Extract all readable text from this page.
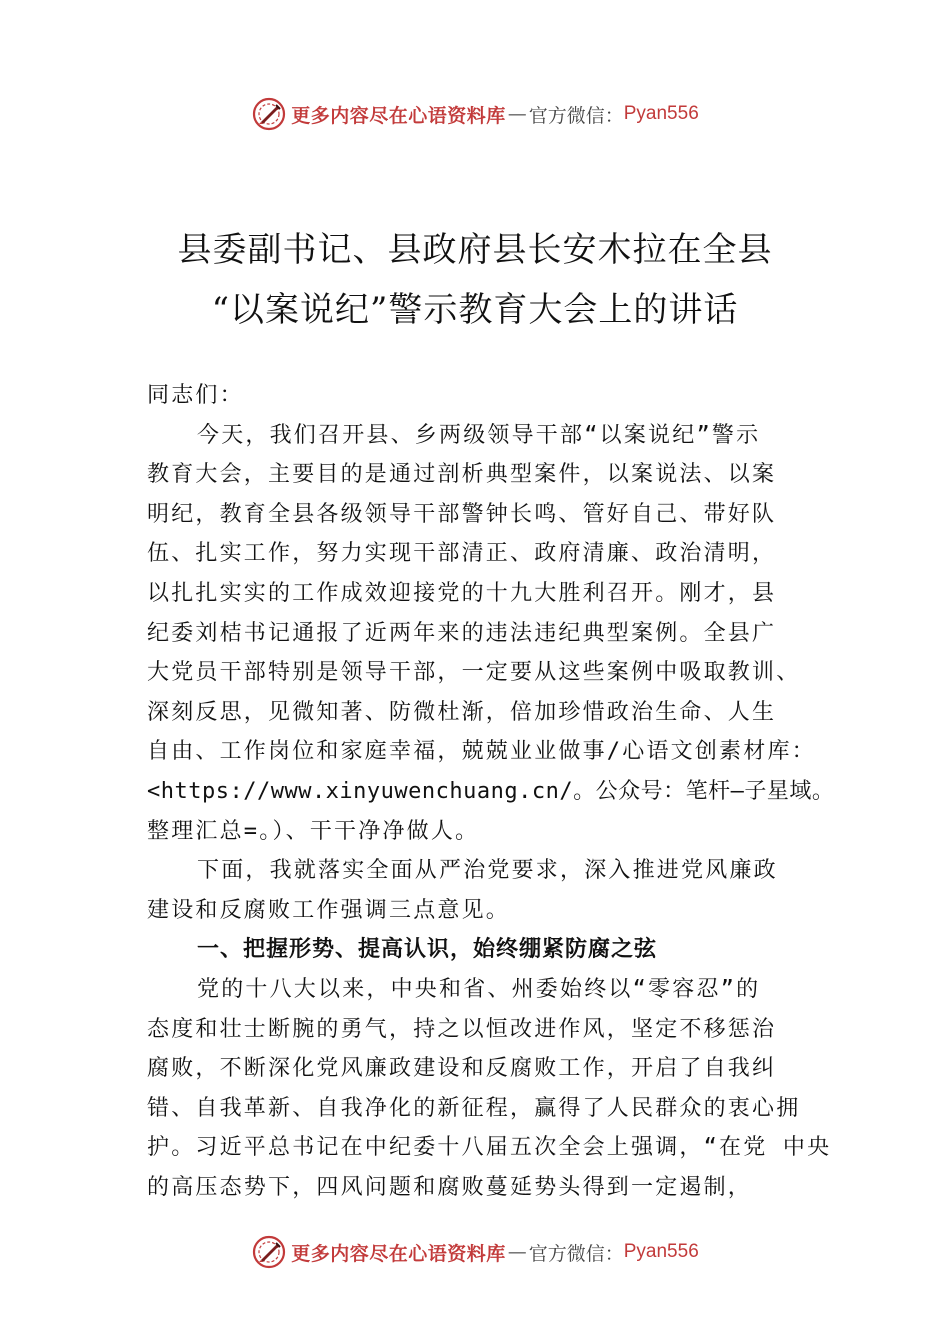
更多内容尽在心语资料库 — 官方微信： Pyan556
县委副书记、县政府县长安木拉在全县
“以案说纪”警示教育大会上的讲话
同志们：
今天，我们召开县、乡两级领导干部“以案说纪”警示
教育大会，主要目的是通过剖析典型案件，以案说法、以案
明纪，教育全县各级领导干部警钟长鸣、管好自己、带好队
伍、扎实工作，努力实现干部清正、政府清廉、政治清明，
以扎扎实实的工作成效迎接党的十九大胜利召开。刚才，县
纪委刘桔书记通报了近两年来的违法违纪典型案例。全县广
大党员干部特别是领导干部，一定要从这些案例中吸取教训、
深刻反思，见微知著、防微杜渐，倍加珍惜政治生命、人生
自由、工作岗位和家庭幸福，兢兢业业做事/心语文创素材库：
<https://www.xinyuwenchuang.cn/。公众号：笔杆—子星域。
整理汇总=。）、干干净净做人。
下面，我就落实全面从严治党要求，深入推进党风廉政
建设和反腐败工作强调三点意见。
一、把握形势、提高认识，始终绷紧防腐之弦
党的十八大以来，中央和省、州委始终以“零容忍”的
态度和壮士断腕的勇气，持之以恒改进作风，坚定不移惩治
腐败，不断深化党风廉政建设和反腐败工作，开启了自我纠
错、自我革新、自我净化的新征程，赢得了人民群众的衷心拥
护。习近平总书记在中纪委十八届五次全会上强调，“在党 中央
的高压态势下，四风问题和腐败蔓延势头得到一定遏制，
更多内容尽在心语资料库 — 官方微信： Pyan556
